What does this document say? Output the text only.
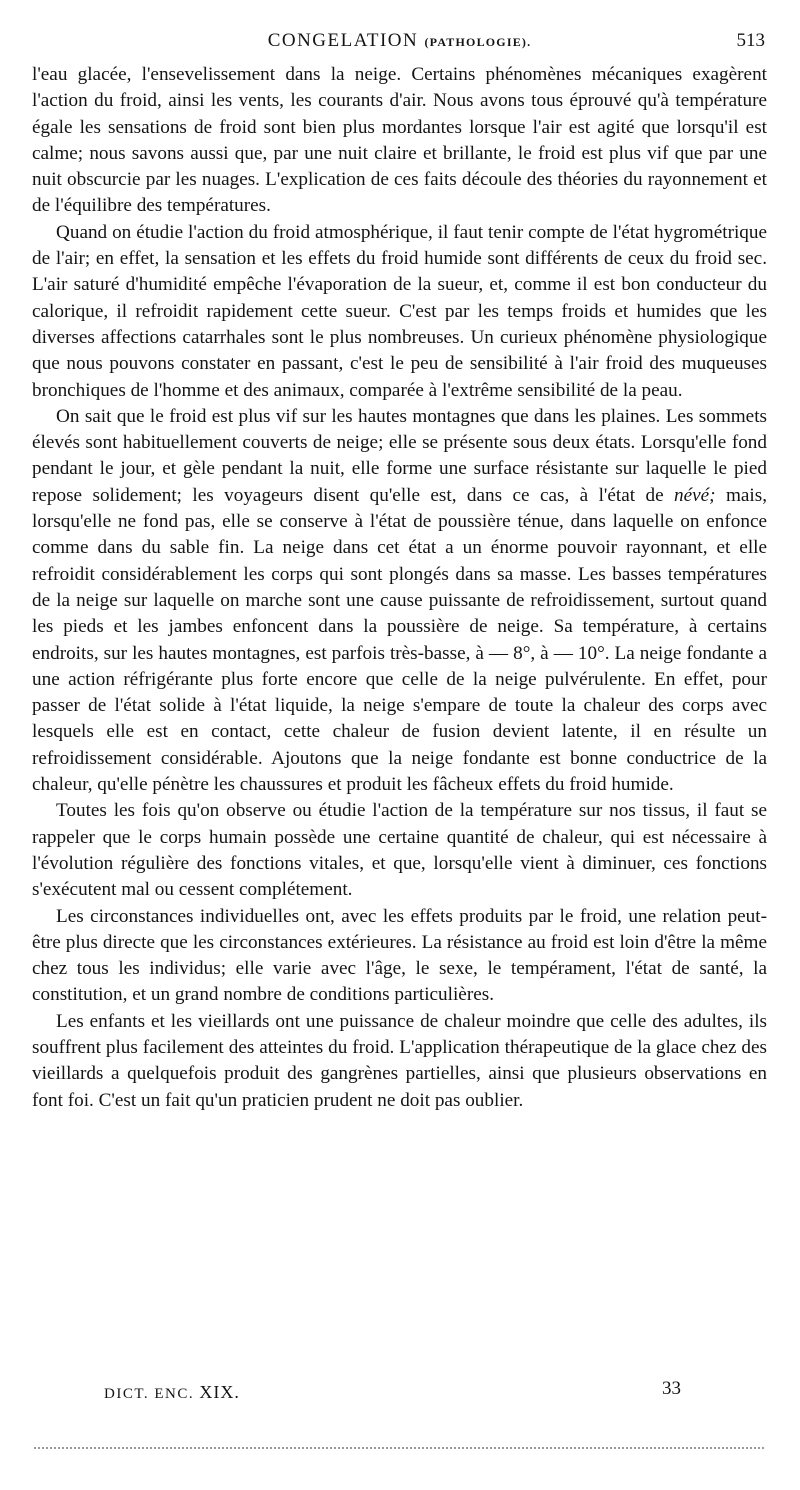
CONGELATION (PATHOLOGIE).	513

l'eau glacée, l'ensevelissement dans la neige. Certains phénomènes mécaniques exagèrent l'action du froid, ainsi les vents, les courants d'air. Nous avons tous éprouvé qu'à température égale les sensations de froid sont bien plus mordantes lorsque l'air est agité que lorsqu'il est calme; nous savons aussi que, par une nuit claire et brillante, le froid est plus vif que par une nuit obscurcie par les nuages. L'explication de ces faits découle des théories du rayonnement et de l'équilibre des températures.

Quand on étudie l'action du froid atmosphérique, il faut tenir compte de l'état hygrométrique de l'air; en effet, la sensation et les effets du froid humide sont différents de ceux du froid sec. L'air saturé d'humidité empêche l'évaporation de la sueur, et, comme il est bon conducteur du calorique, il refroidit rapidement cette sueur. C'est par les temps froids et humides que les diverses affections catarrhales sont le plus nombreuses. Un curieux phénomène physiologique que nous pouvons constater en passant, c'est le peu de sensibilité à l'air froid des muqueuses bronchiques de l'homme et des animaux, comparée à l'extrême sensibilité de la peau.

On sait que le froid est plus vif sur les hautes montagnes que dans les plaines. Les sommets élevés sont habituellement couverts de neige; elle se présente sous deux états. Lorsqu'elle fond pendant le jour, et gèle pendant la nuit, elle forme une surface résistante sur laquelle le pied repose solidement; les voyageurs disent qu'elle est, dans ce cas, à l'état de névé; mais, lorsqu'elle ne fond pas, elle se conserve à l'état de poussière ténue, dans laquelle on enfonce comme dans du sable fin. La neige dans cet état a un énorme pouvoir rayonnant, et elle refroidit considérablement les corps qui sont plongés dans sa masse. Les basses températures de la neige sur laquelle on marche sont une cause puissante de refroidissement, surtout quand les pieds et les jambes enfoncent dans la poussière de neige. Sa température, à certains endroits, sur les hautes montagnes, est parfois très-basse, à — 8°, à — 10°. La neige fondante a une action réfrigérante plus forte encore que celle de la neige pulvérulente. En effet, pour passer de l'état solide à l'état liquide, la neige s'empare de toute la chaleur des corps avec lesquels elle est en contact, cette chaleur de fusion devient latente, il en résulte un refroidissement considérable. Ajoutons que la neige fondante est bonne conductrice de la chaleur, qu'elle pénètre les chaussures et produit les fâcheux effets du froid humide.

Toutes les fois qu'on observe ou étudie l'action de la température sur nos tissus, il faut se rappeler que le corps humain possède une certaine quantité de chaleur, qui est nécessaire à l'évolution régulière des fonctions vitales, et que, lorsqu'elle vient à diminuer, ces fonctions s'exécutent mal ou cessent complétement.

Les circonstances individuelles ont, avec les effets produits par le froid, une relation peut-être plus directe que les circonstances extérieures. La résistance au froid est loin d'être la même chez tous les individus; elle varie avec l'âge, le sexe, le tempérament, l'état de santé, la constitution, et un grand nombre de conditions particulières.

Les enfants et les vieillards ont une puissance de chaleur moindre que celle des adultes, ils souffrent plus facilement des atteintes du froid. L'application thérapeutique de la glace chez des vieillards a quelquefois produit des gangrènes partielles, ainsi que plusieurs observations en font foi. C'est un fait qu'un praticien prudent ne doit pas oublier.

DICT. ENC. XIX.	33
